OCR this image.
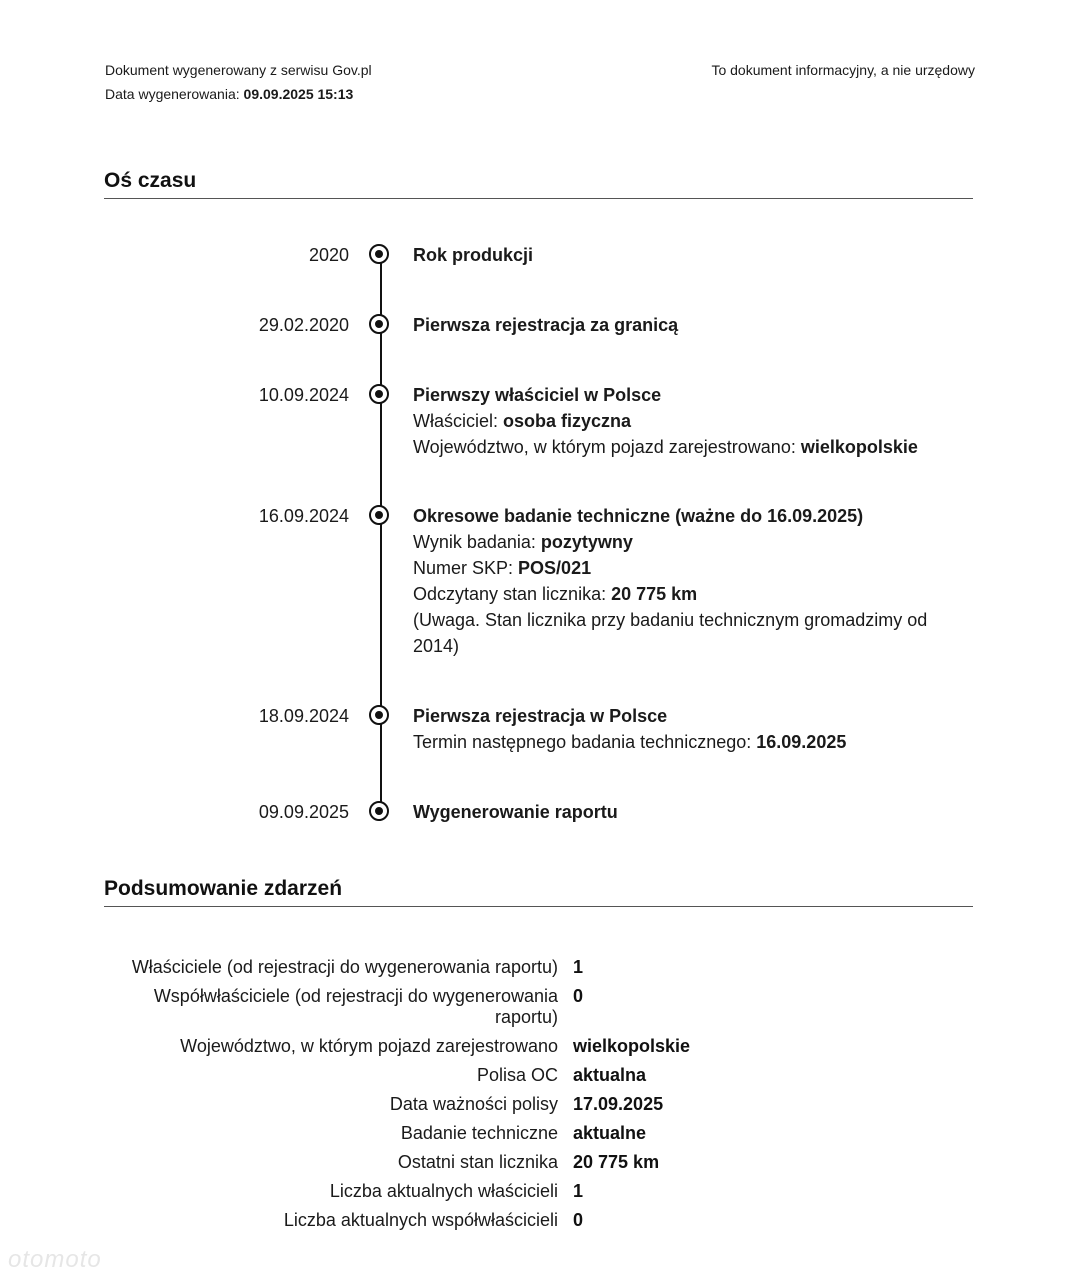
Dokument wygenerowany z serwisu Gov.pl
Data wygenerowania: 09.09.2025 15:13
To dokument informacyjny, a nie urzędowy
Oś czasu
2020	Rok produkcji
29.02.2020	Pierwsza rejestracja za granicą
10.09.2024	Pierwszy właściciel w Polsce
Właściciel: osoba fizyczna
Województwo, w którym pojazd zarejestrowano: wielkopolskie
16.09.2024	Okresowe badanie techniczne (ważne do 16.09.2025)
Wynik badania: pozytywny
Numer SKP: POS/021
Odczytany stan licznika: 20 775 km
(Uwaga. Stan licznika przy badaniu technicznym gromadzimy od 2014)
18.09.2024	Pierwsza rejestracja w Polsce
Termin następnego badania technicznego: 16.09.2025
09.09.2025	Wygenerowanie raportu
Podsumowanie zdarzeń
Właściciele (od rejestracji do wygenerowania raportu) 1
Współwłaściciele (od rejestracji do wygenerowania raportu)
0
Województwo, w którym pojazd zarejestrowano wielkopolskie
Polisa OC aktualna
Data ważności polisy 17.09.2025
Badanie techniczne aktualne
Ostatni stan licznika 20 775 km
Liczba aktualnych właścicieli 1
Liczba aktualnych współwłaścicieli 0
otomoto
